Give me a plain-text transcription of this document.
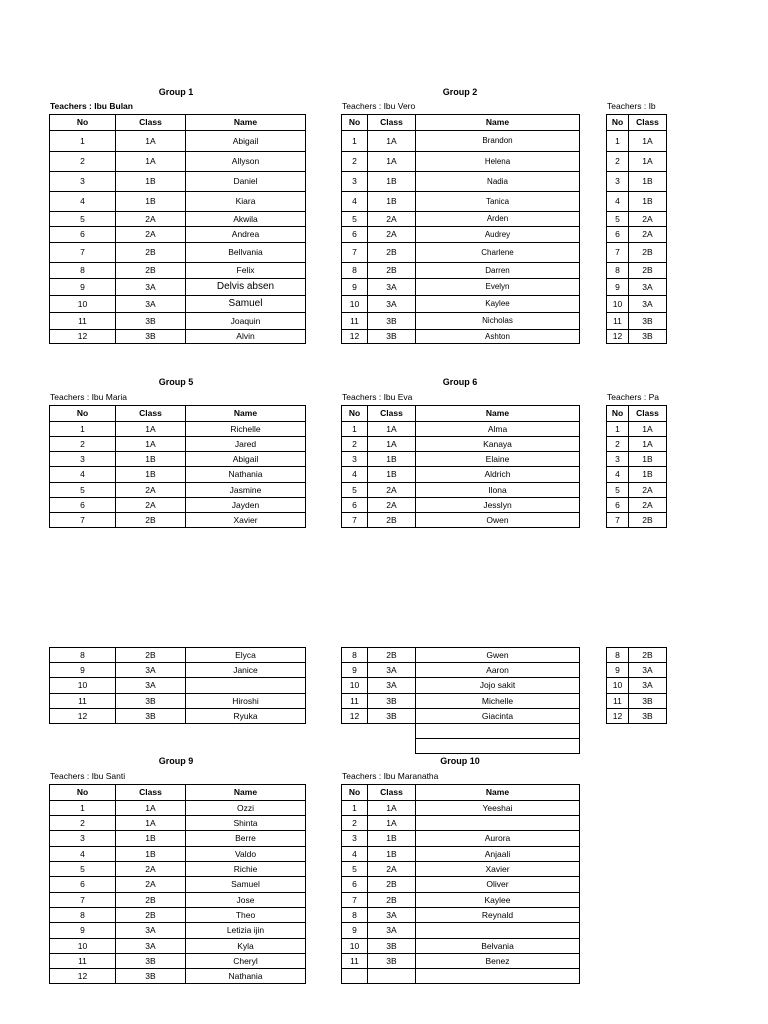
Group 1
Teachers : Ibu Bulan
No	Class	Name
1	1A	Abigail
2	1A	Allyson
3	1B	Daniel
4	1B	Kiara
5	2A	Akwila
6	2A	Andrea
7	2B	Bellvania
8	2B	Felix
9	3A	Delvis absen
10	3A	Samuel
11	3B	Joaquin
12	3B	Alvin
Group 2
Teachers : Ibu Vero
No	Class	Name
1	1A	Brandon
2	1A	Helena
3	1B	Nadia
4	1B	Tanica
5	2A	Arden
6	2A	Audrey
7	2B	Charlene
8	2B	Darren
9	3A	Evelyn
10	3A	Kaylee
11	3B	Nicholas
12	3B	Ashton
Teachers : Ib
No	Class
1	1A
2	1A
3	1B
4	1B
5	2A
6	2A
7	2B
8	2B
9	3A
10	3A
11	3B
12	3B
Group 5
Teachers : Ibu Maria
No	Class	Name
1	1A	Richelle
2	1A	Jared
3	1B	Abigail
4	1B	Nathania
5	2A	Jasmine
6	2A	Jayden
7	2B	Xavier
8	2B	Elyca
9	3A	Janice
10	3A	
11	3B	Hiroshi
12	3B	Ryuka
Group 6
Teachers : Ibu Eva
No	Class	Name
1	1A	Alma
2	1A	Kanaya
3	1B	Elaine
4	1B	Aldrich
5	2A	Ilona
6	2A	Jesslyn
7	2B	Owen
8	2B	Gwen
9	3A	Aaron
10	3A	Jojo sakit
11	3B	Michelle
12	3B	Giacinta
Teachers : Pa
No	Class
1	1A
2	1A
3	1B
4	1B
5	2A
6	2A
7	2B
8	2B
9	3A
10	3A
11	3B
12	3B
Group 9
Teachers : Ibu Santi
No	Class	Name
1	1A	Ozzi
2	1A	Shinta
3	1B	Berre
4	1B	Valdo
5	2A	Richie
6	2A	Samuel
7	2B	Jose
8	2B	Theo
9	3A	Letizia ijin
10	3A	Kyla
11	3B	Cheryl
12	3B	Nathania
Group 10
Teachers : Ibu Maranatha
No	Class	Name
1	1A	Yeeshai
2	1A	
3	1B	Aurora
4	1B	Anjaali
5	2A	Xavier
6	2B	Oliver
7	2B	Kaylee
8	3A	Reynald
9	3A	
10	3B	Belvania
11	3B	Benez
